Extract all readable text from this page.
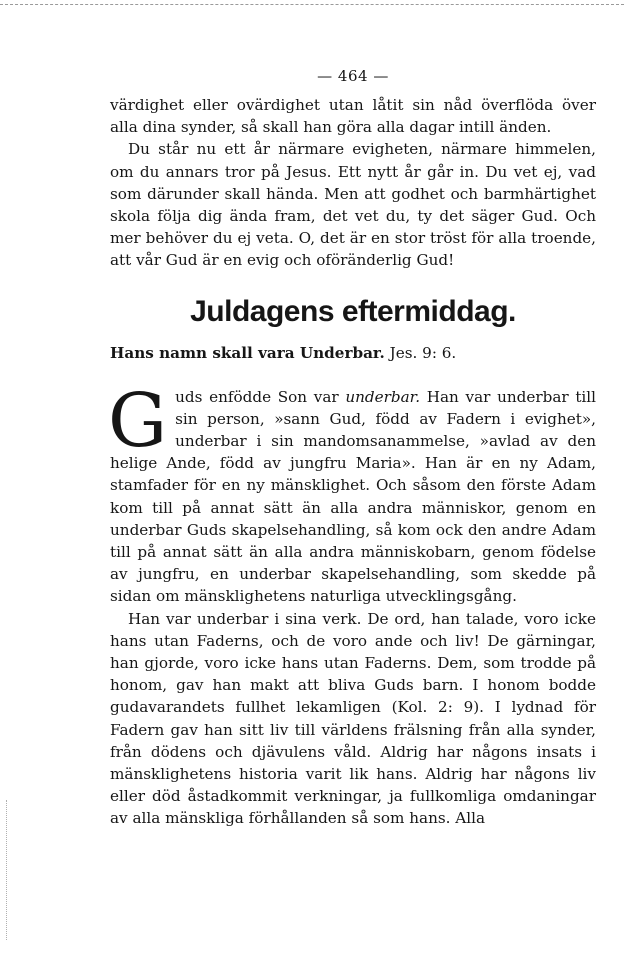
— 464 —

värdighet eller ovärdighet utan låtit sin nåd överflöda över alla dina synder, så skall han göra alla dagar intill änden.

Du står nu ett år närmare evigheten, närmare himmelen, om du annars tror på Jesus. Ett nytt år går in. Du vet ej, vad som därunder skall hända. Men att godhet och barmhärtighet skola följa dig ända fram, det vet du, ty det säger Gud. Och mer behöver du ej veta. O, det är en stor tröst för alla troende, att vår Gud är en evig och oföränderlig Gud!

Juldagens eftermiddag.
Hans namn skall vara Underbar. Jes. 9: 6.

Guds enfödde Son var underbar. Han var underbar till sin person, »sann Gud, född av Fadern i evighet», underbar i sin mandomsanammelse, »avlad av den helige Ande, född av jungfru Maria». Han är en ny Adam, stamfader för en ny mänsklighet. Och såsom den förste Adam kom till på annat sätt än alla andra människor, genom en underbar Guds skapelsehandling, så kom ock den andre Adam till på annat sätt än alla andra människobarn, genom födelse av jungfru, en underbar skapelsehandling, som skedde på sidan om mänsklighetens naturliga utvecklingsgång.

Han var underbar i sina verk. De ord, han talade, voro icke hans utan Faderns, och de voro ande och liv! De gärningar, han gjorde, voro icke hans utan Faderns. Dem, som trodde på honom, gav han makt att bliva Guds barn. I honom bodde gudavarandets fullhet lekamligen (Kol. 2: 9). I lydnad för Fadern gav han sitt liv till världens frälsning från alla synder, från dödens och djävulens våld. Aldrig har någons insats i mänsklighetens historia varit lik hans. Aldrig har någons liv eller död åstadkommit verkningar, ja fullkomliga omdaningar av alla mänskliga förhållanden så som hans. Alla
